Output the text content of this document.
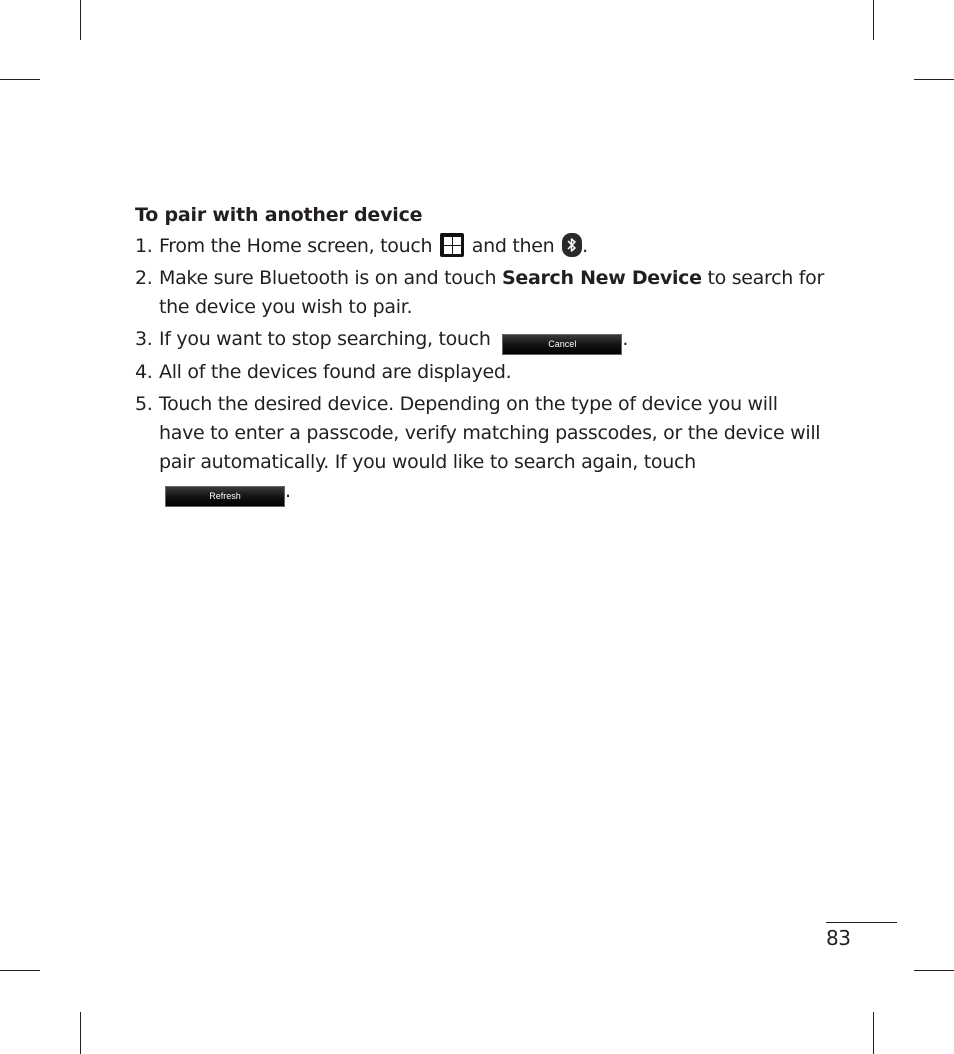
To pair with another device
1. From the Home screen, touch and then .
2. Make sure Bluetooth is on and touch Search New Device to search for the device you wish to pair.
3. If you want to stop searching, touch	Cancel .
4. All of the devices found are displayed.
5. Touch the desired device. Depending on the type of device you will have to enter a passcode, verify matching passcodes, or the device will pair automatically. If you would like to search again, touch Refresh .
83
